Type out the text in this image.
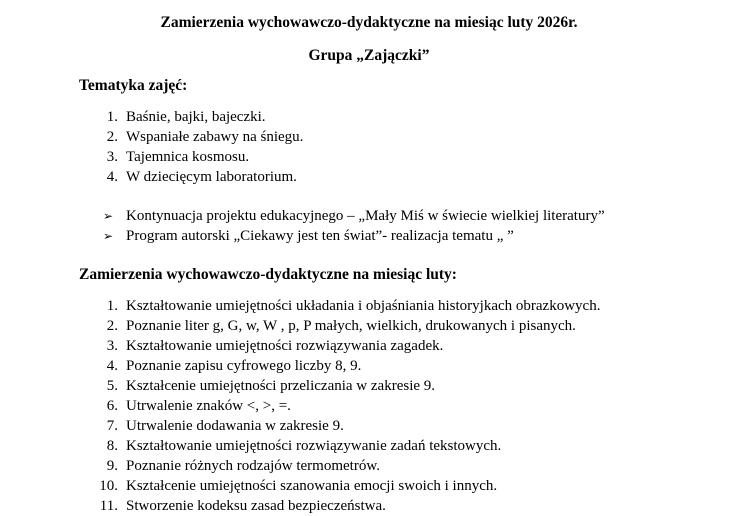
Zamierzenia wychowawczo-dydaktyczne na miesiąc luty 2026r.
Grupa „Zajączki”
Tematyka zajęć:
1. Baśnie, bajki, bajeczki.
2. Wspaniałe zabawy na śniegu.
3. Tajemnica kosmosu.
4. W dziecięcym laboratorium.
➢ Kontynuacja projektu edukacyjnego – „Mały Miś w świecie wielkiej literatury”
➢ Program autorski „Ciekawy jest ten świat”- realizacja tematu „ ”
Zamierzenia wychowawczo-dydaktyczne na miesiąc luty:
1. Kształtowanie umiejętności układania i objaśniania historyjkach obrazkowych.
2. Poznanie liter g, G, w, W , p, P małych, wielkich, drukowanych i pisanych.
3. Kształtowanie umiejętności rozwiązywania zagadek.
4. Poznanie zapisu cyfrowego liczby 8, 9.
5. Kształcenie umiejętności przeliczania w zakresie 9.
6. Utrwalenie znaków <, >, =.
7. Utrwalenie dodawania w zakresie 9.
8. Kształtowanie umiejętności rozwiązywanie zadań tekstowych.
9. Poznanie różnych rodzajów termometrów.
10. Kształcenie umiejętności szanowania emocji swoich i innych.
11. Stworzenie kodeksu zasad bezpieczeństwa.
